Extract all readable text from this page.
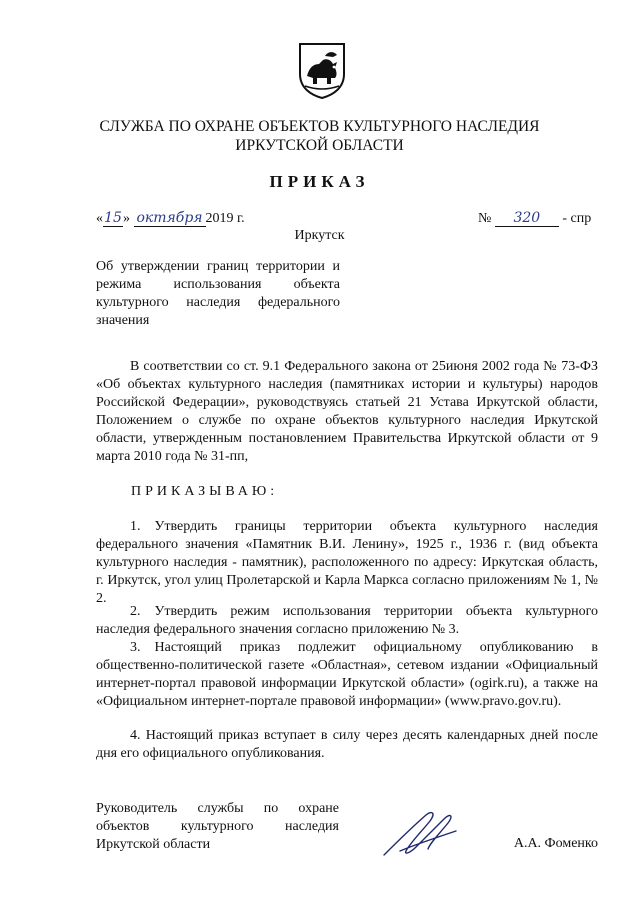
СЛУЖБА ПО ОХРАНЕ ОБЪЕКТОВ КУЛЬТУРНОГО НАСЛЕДИЯ
ИРКУТСКОЙ ОБЛАСТИ
ПРИКАЗ
«15» октября 2019 г.	№ 320 - спр
Иркутск
Об утверждении границ территории и режима использования объекта культурного наследия федерального значения
В соответствии со ст. 9.1 Федерального закона от 25июня 2002 года № 73-ФЗ «Об объектах культурного наследия (памятниках истории и культуры) народов Российской Федерации», руководствуясь статьей 21 Устава Иркутской области, Положением о службе по охране объектов культурного наследия Иркутской области, утвержденным постановлением Правительства Иркутской области от 9 марта 2010 года № 31-пп,
ПРИКАЗЫВАЮ:
1. Утвердить границы территории объекта культурного наследия федерального значения «Памятник В.И. Ленину», 1925 г., 1936 г. (вид объекта культурного наследия - памятник), расположенного по адресу: Иркутская область, г. Иркутск, угол улиц Пролетарской и Карла Маркса согласно приложениям № 1, № 2.
2. Утвердить режим использования территории объекта культурного наследия федерального значения согласно приложению № 3.
3. Настоящий приказ подлежит официальному опубликованию в общественно-политической газете «Областная», сетевом издании «Официальный интернет-портал правовой информации Иркутской области» (ogirk.ru), а также на «Официальном интернет-портале правовой информации» (www.pravo.gov.ru).
4. Настоящий приказ вступает в силу через десять календарных дней после дня его официального опубликования.
Руководитель службы по охране объектов культурного наследия Иркутской области	А.А. Фоменко
